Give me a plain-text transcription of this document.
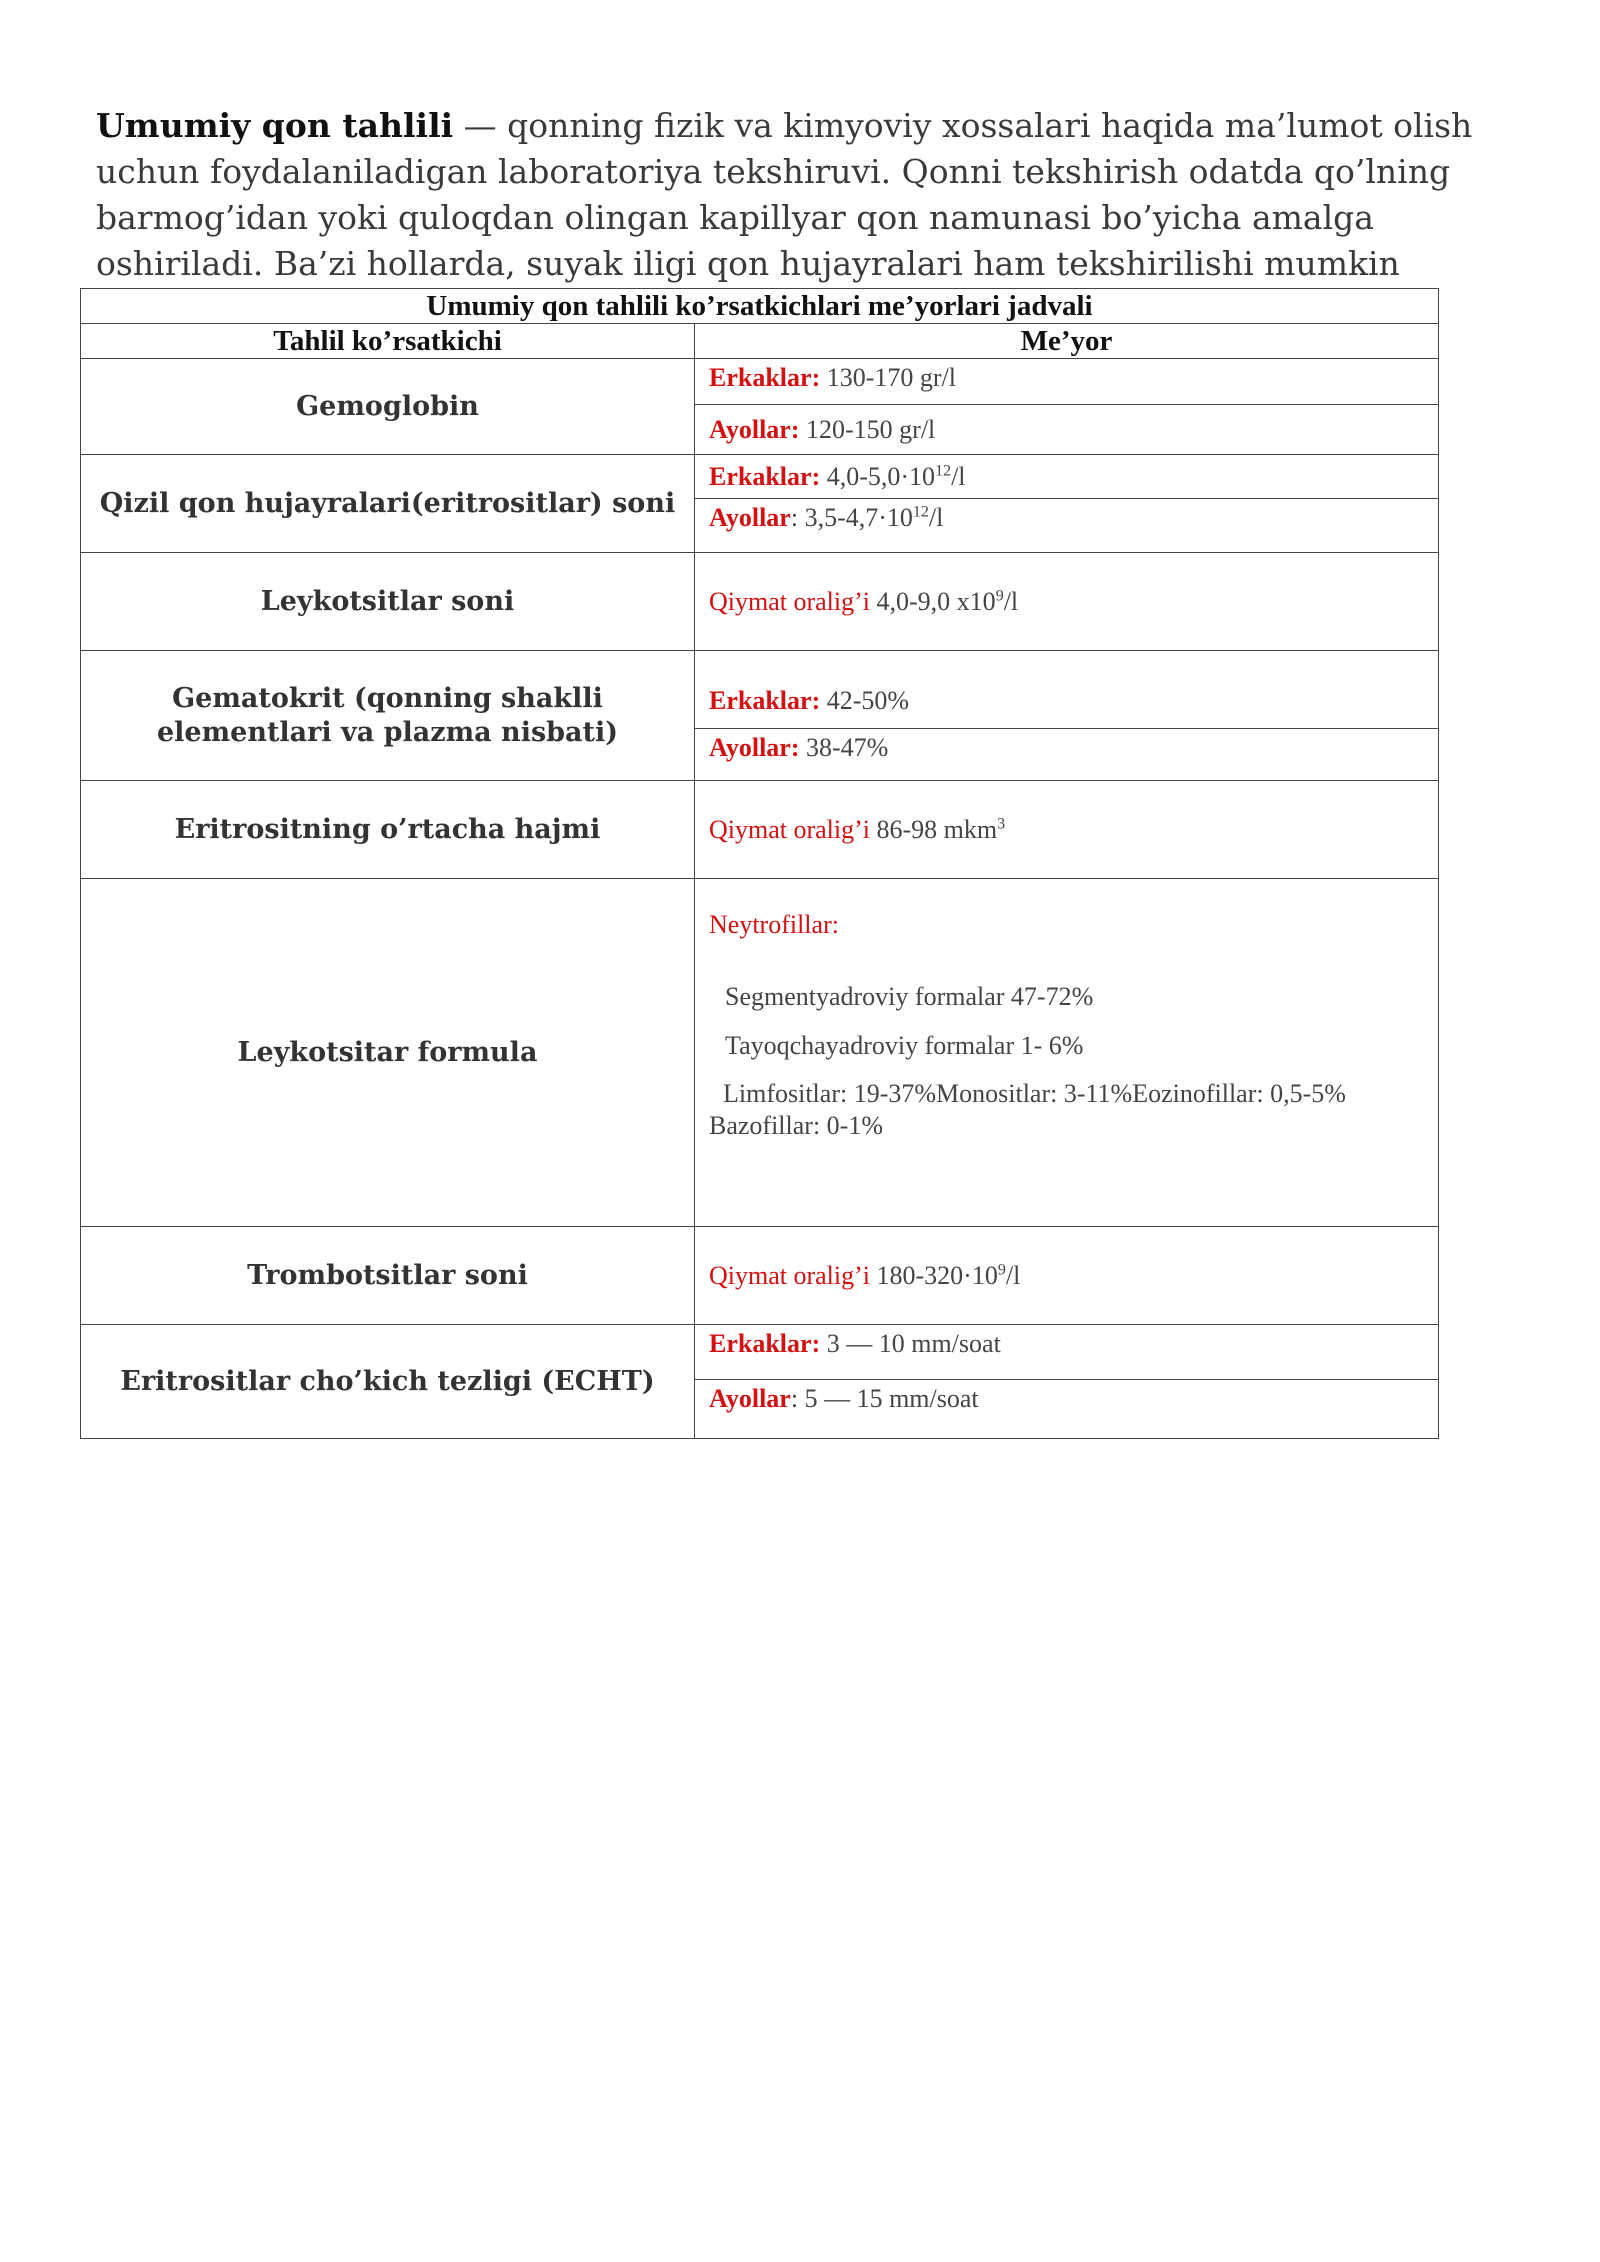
Umumiy qon tahlili — qonning fizik va kimyoviy xossalari haqida ma’lumot olish uchun foydalaniladigan laboratoriya tekshiruvi. Qonni tekshirish odatda qo’lning barmog’idan yoki quloqdan olingan kapillyar qon namunasi bo’yicha amalga oshiriladi. Ba’zi hollarda, suyak iligi qon hujayralari ham tekshirilishi mumkin

Umumiy qon tahlili ko’rsatkichlari me’yorlari jadvali	
Tahlil ko’rsatkichi	Me’yor
Gemoglobin	Erkaklar: 130-170 gr/l
	Ayollar: 120-150 gr/l
Qizil qon hujayralari(eritrositlar) soni	Erkaklar: $4,0-5,0\cdot 10^{12}/l$
	Ayollar: $3,5-4,7\cdot 10^{12}/l$
Leykotsitlar soni	Qiymat oralig’i 4,0-9,0 $x10^9/l$
Gematokrit (qonning shaklli elementlari va plazma nisbati)	Erkaklar: 42-50%
	Ayollar: 38-47%
Eritrositning o’rtacha hajmi	Qiymat oralig’i 86-98 mkm$^3$
Leykotsitar formula	Neytrofillar:
Segmentyadroviy formalar 47-72%
Tayoqchayadroviy formalar 1- 6%
Limfositlar: 19-37%Monositlar: 3-11%Eozinofillar: 0,5-5%
Bazofillar: 0-1%

Trombotsitlar soni	Qiymat oralig’i $180-320\cdot 10^9/l$
Eritrositlar cho’kich tezligi (ECHT)	Erkaklar: 3 — 10 mm/soat
	Ayollar: 5 — 15 mm/soat
